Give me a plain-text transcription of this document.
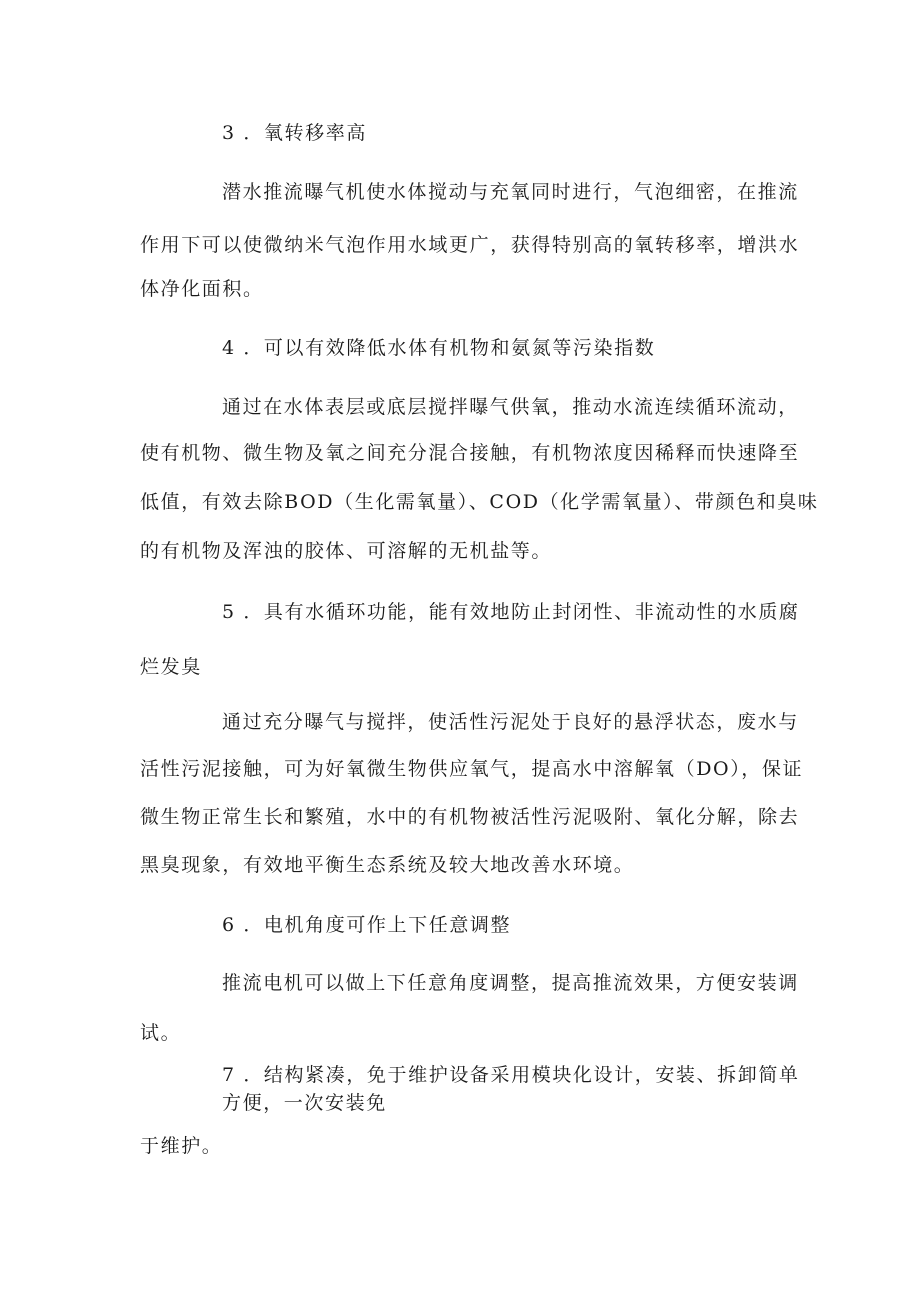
3 ．氧转移率高

潜水推流曝气机使水体搅动与充氧同时进行，气泡细密，在推流

作用下可以使微纳米气泡作用水域更广，获得特别高的氧转移率，增洪水

体净化面积。

4 ．可以有效降低水体有机物和氨氮等污染指数

通过在水体表层或底层搅拌曝气供氧，推动水流连续循环流动，

使有机物、微生物及氧之间充分混合接触，有机物浓度因稀释而快速降至

低值，有效去除BOD（生化需氧量）、COD（化学需氧量）、带颜色和臭味

的有机物及浑浊的胶体、可溶解的无机盐等。

5 ．具有水循环功能，能有效地防止封闭性、非流动性的水质腐

烂发臭

通过充分曝气与搅拌，使活性污泥处于良好的悬浮状态，废水与

活性污泥接触，可为好氧微生物供应氧气，提高水中溶解氧（DO），保证

微生物正常生长和繁殖，水中的有机物被活性污泥吸附、氧化分解，除去

黑臭现象，有效地平衡生态系统及较大地改善水环境。

6 ．电机角度可作上下任意调整

推流电机可以做上下任意角度调整，提高推流效果，方便安装调

试。

7 ．结构紧凑，免于维护设备采用模块化设计，安装、拆卸简单

方便，一次安装免

于维护。
